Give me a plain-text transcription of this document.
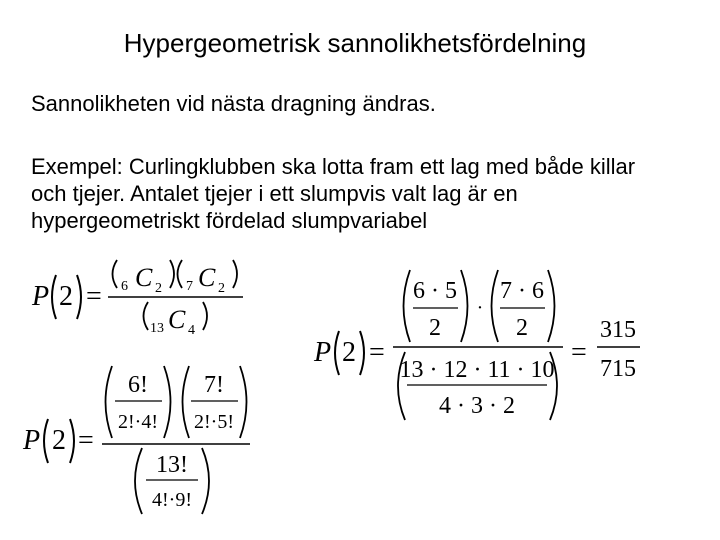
Hypergeometrisk sannolikhetsfördelning
Sannolikheten vid nästa dragning ändras.
Exempel: Curlingklubben ska lotta fram ett lag med både killar
och tjejer. Antalet tjejer i ett slumpvis valt lag är en
hypergeometriskt fördelad slumpvariabel
P 2 = 6 C 2 7 C 2
13 C 4
P 2 =
6!
2!·4!
7!
2!·5!
13!
4!·9!
P 2 =
6 · 5
2
·
7 · 6
2
13 · 12 · 11 · 10
4 · 3 · 2
=
315
715
